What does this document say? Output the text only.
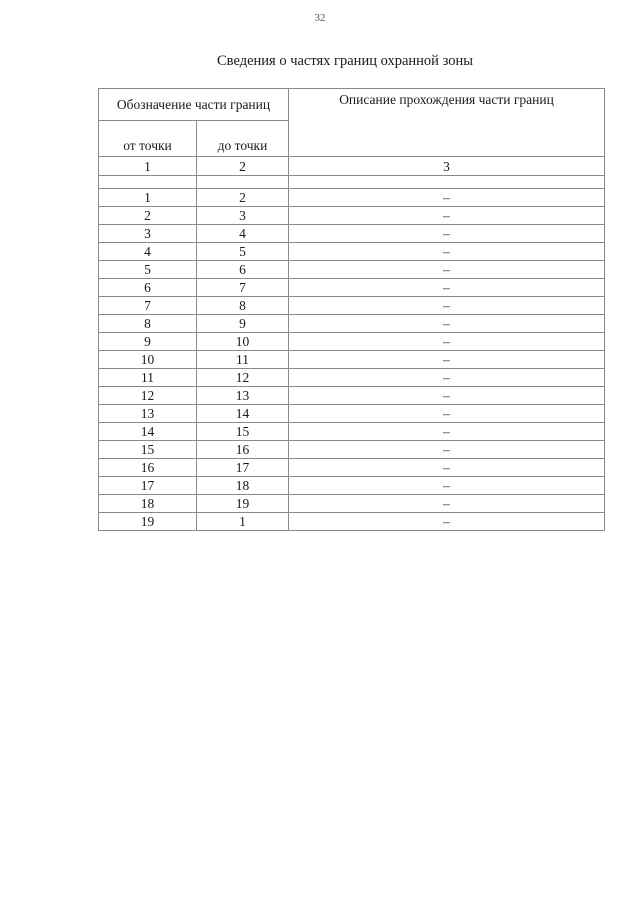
32
Сведения о частях границ охранной зоны
Обозначение части границ		Описание прохождения части границ
от точки	до точки	
1	2	3

1	2	–
2	3	–
3	4	–
4	5	–
5	6	–
6	7	–
7	8	–
8	9	–
9	10	–
10	11	–
11	12	–
12	13	–
13	14	–
14	15	–
15	16	–
16	17	–
17	18	–
18	19	–
19	1	–
